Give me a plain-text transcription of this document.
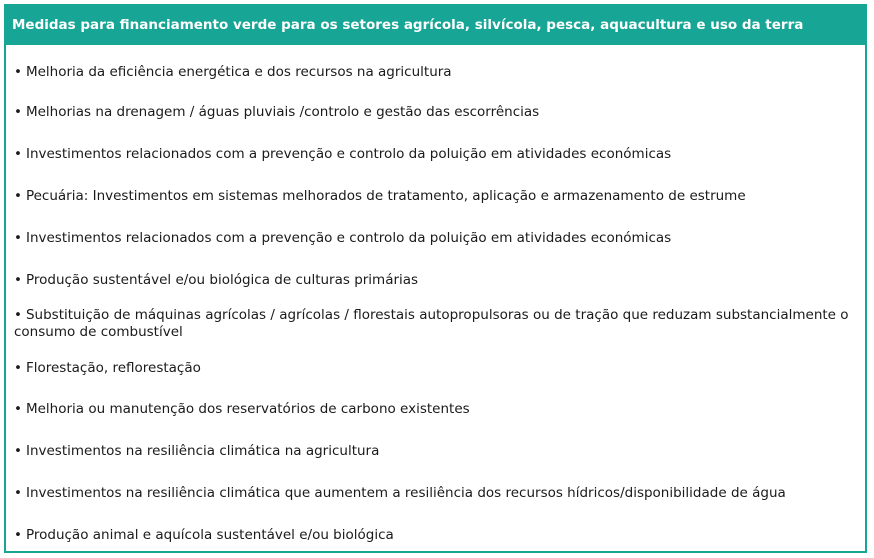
Medidas para financiamento verde para os setores agrícola, silvícola, pesca, aquacultura e uso da terra
• Melhoria da eficiência energética e dos recursos na agricultura
• Melhorias na drenagem / águas pluviais /controlo e gestão das escorrências
• Investimentos relacionados com a prevenção e controlo da poluição em atividades económicas
• Pecuária: Investimentos em sistemas melhorados de tratamento, aplicação e armazenamento de estrume
• Investimentos relacionados com a prevenção e controlo da poluição em atividades económicas
• Produção sustentável e/ou biológica de culturas primárias
• Substituição de máquinas agrícolas / agrícolas / florestais autopropulsoras ou de tração que reduzam substancialmente o consumo de combustível
• Florestação, reflorestação
• Melhoria ou manutenção dos reservatórios de carbono existentes
• Investimentos na resiliência climática na agricultura
• Investimentos na resiliência climática que aumentem a resiliência dos recursos hídricos/disponibilidade de água
• Produção animal e aquícola sustentável e/ou biológica
